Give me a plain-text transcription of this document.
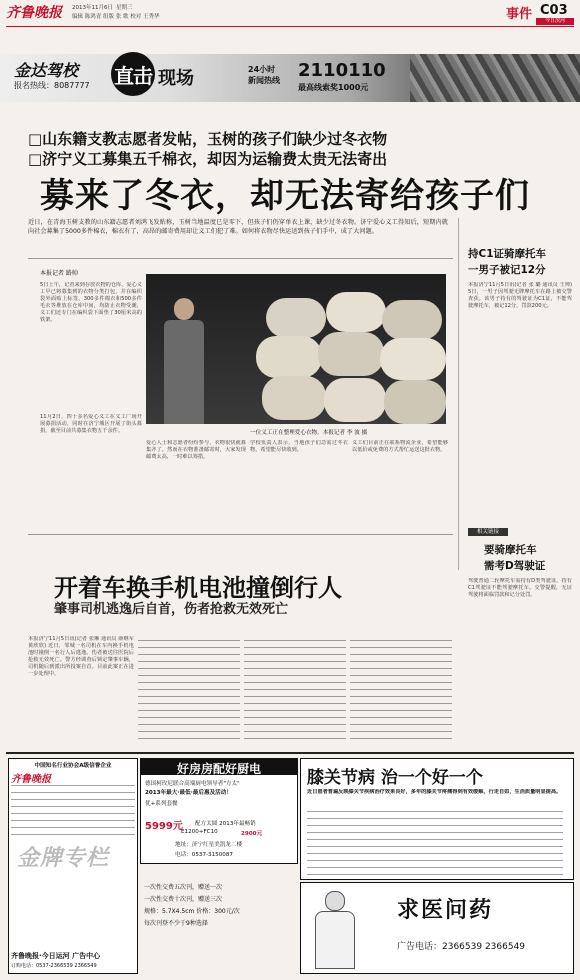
齐鲁晚报 2013年11月6日 星期三
编辑 陈鸿青 组版 张 歌 校对 王秀华	事件 C03
今日滨河
金达驾校
报名热线：8087777 直击 现场	24小时
新闻热线 2110110
最高线索奖1000元
□山东籍支教志愿者发帖，玉树的孩子们缺少过冬衣物
□济宁义工募集五千棉衣，却因为运输费太贵无法寄出
募来了冬衣，却无法寄给孩子们
近日，在青海玉树支教的山东籍志愿者刘鸿飞发贴称，玉树当地温度已是零下，但孩子们仍穿单衣上课，缺少过冬衣物。济宁爱心义工得知后，短期内就向社会募集了5000多件棉衣，棉衣有了，高昂的邮寄费用却让义工们犯了难。如何将衣物尽快运送到孩子们手中，成了大问题。
本报记者 路帅
5日上午，记者来到存放衣物的仓库，爱心义工早已将募集到的衣物分类打包，并在编织袋外面贴上标签。300多件棉衣和500多件毛衣等堆放在仓库中间，均防止衣物受潮，义工们还专门在编织袋下面垫了30厘米高的铁架。
11月2日，四十多名爱心义工在义工广场开展募捐活动，同时在济宁城区开展了街头募捐。截至目前共募集衣物五千余件。	一位义工正在整理爱心衣物。本报记者 李 波 摄
爱心人士和志愿者纷纷参与，衣物很快就募集齐了。然而在衣物准备邮寄时，大家发现邮费太高，一时难以筹措。
学校负责人表示，当地孩子们急需过冬衣物，希望能尽快收到。
义工们目前正在联系物流企业，希望能够以低价或免费的方式帮忙运送这批衣物。
持C1证骑摩托车
一男子被记12分
本报济宁11月5日讯(记者 张 璐 通讯员 王帅) 5日，一男子因驾驶无牌摩托车在路上被交警查获。该男子持有的驾驶证为C1证，不能驾驶摩托车，被记12分，罚款200元。
相关链接
要骑摩托车
需考D驾驶证
驾驶普通二轮摩托车需持有D类驾驶证。持有C1驾驶证不能驾驶摩托车。交警提醒，无证驾驶将面临罚款和记分处罚。
开着车换手机电池撞倒行人
肇事司机逃逸后自首，伤者抢救无效死亡
本报济宁11月5日讯(记者 张琳 通讯员 薛继军 黄欣欣) 近日，邹城一名司机在车内换手机电池时撞倒一名行人后逃逸。伤者被送往医院后抢救无效死亡。警方经调查后锁定肇事车辆，司机随后到派出所投案自首。目前此案正在进一步处理中。
中国知名行业协会A级信誉企业
齐鲁晚报
金牌专栏
齐鲁晚报·今日运河 广告中心
订购电话：0537-2366539 2366549
一次性交费五次刊，赠送一次
一次性交费十次刊，赠送三次
规格：5.7X4.5cm 价格：300元/次
每次刊登不少于9种选择
好房房配好厨电
德国柯玫尼联合高端厨电领导者"方太"
2013年最大·最低·最后惠及活动！
优+系列套餐
5999元 配方太圆 2013年最畅销
E1200+FC10	2900元
地址：济宁红星美凯龙二楼
电话：0537-3150087
膝关节病 治一个好一个
近日患者普遍反映膝关节疾病治疗效果良好，多年的膝关节疼痛得到有效缓解，行走自如，生活质量明显提高。
求医问药
广告电话：2366539 2366549
